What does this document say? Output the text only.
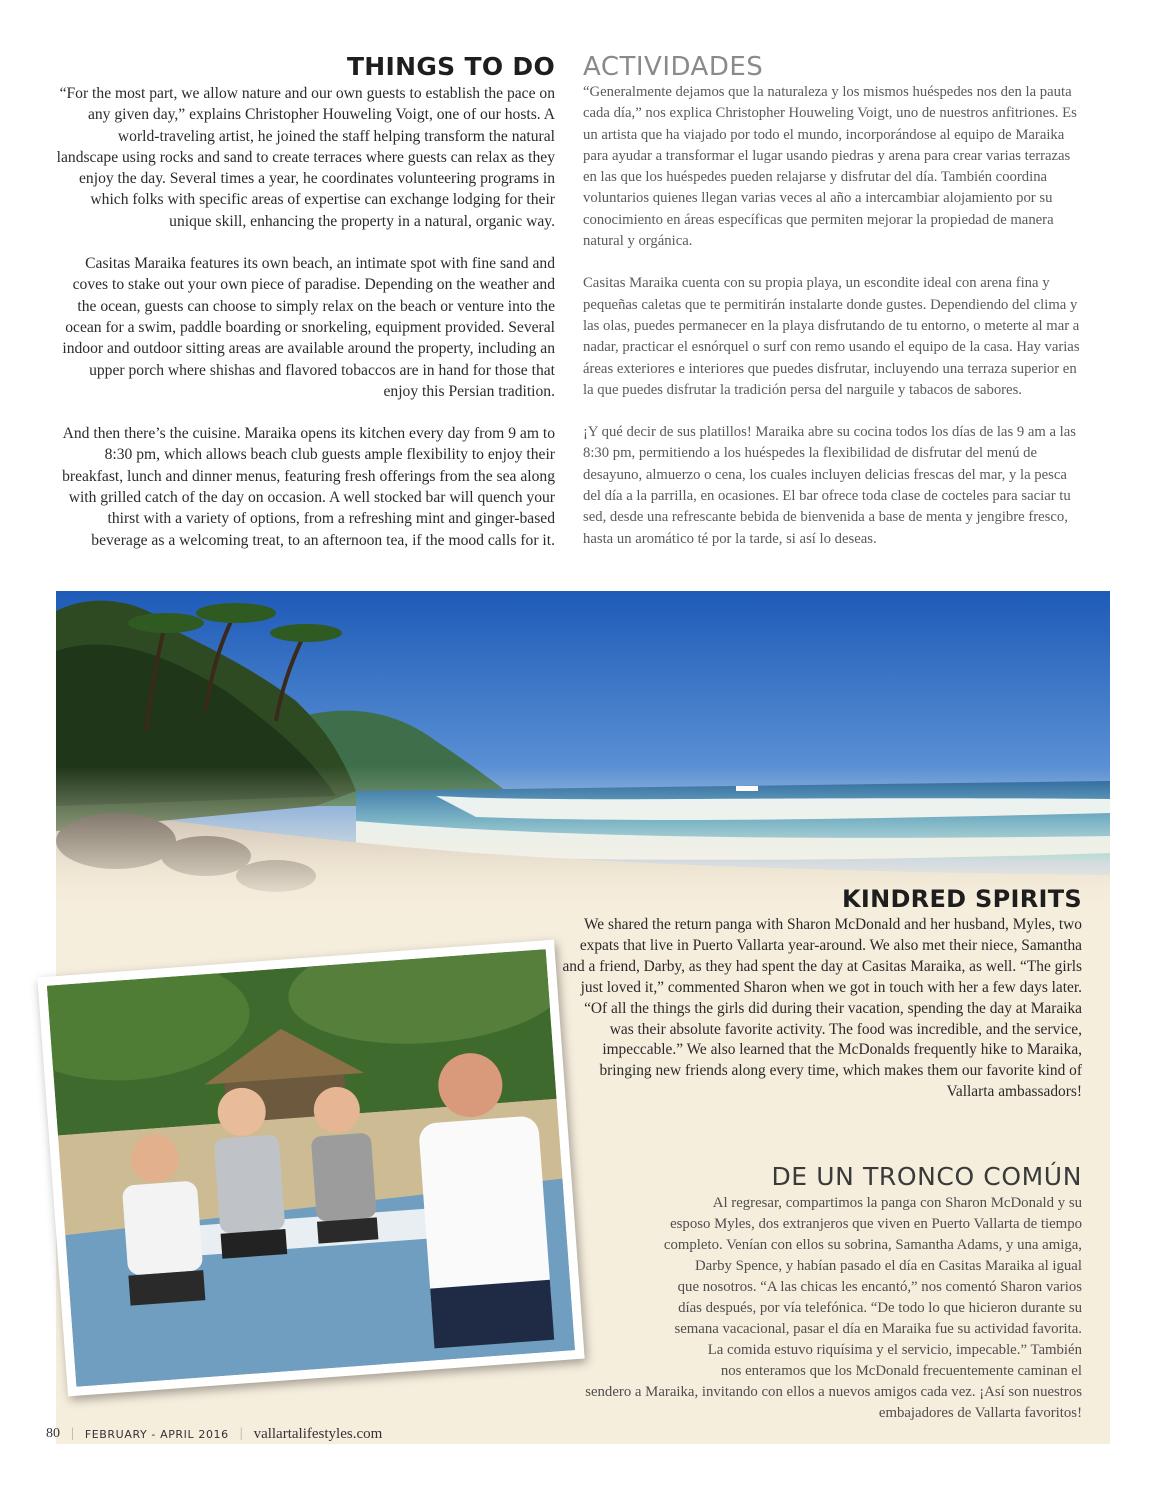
THINGS TO DO

“For the most part, we allow nature and our own guests to establish the pace on any given day,” explains Christopher Houweling Voigt, one of our hosts. A world-traveling artist, he joined the staff helping transform the natural landscape using rocks and sand to create terraces where guests can relax as they enjoy the day. Several times a year, he coordinates volunteering programs in which folks with specific areas of expertise can exchange lodging for their unique skill, enhancing the property in a natural, organic way.

Casitas Maraika features its own beach, an intimate spot with fine sand and coves to stake out your own piece of paradise. Depending on the weather and the ocean, guests can choose to simply relax on the beach or venture into the ocean for a swim, paddle boarding or snorkeling, equipment provided. Several indoor and outdoor sitting areas are available around the property, including an upper porch where shishas and flavored tobaccos are in hand for those that enjoy this Persian tradition.

And then there’s the cuisine. Maraika opens its kitchen every day from 9 am to 8:30 pm, which allows beach club guests ample flexibility to enjoy their breakfast, lunch and dinner menus, featuring fresh offerings from the sea along with grilled catch of the day on occasion. A well stocked bar will quench your thirst with a variety of options, from a refreshing mint and ginger-based beverage as a welcoming treat, to an afternoon tea, if the mood calls for it.

ACTIVIDADES

“Generalmente dejamos que la naturaleza y los mismos huéspedes nos den la pauta cada día,” nos explica Christopher Houweling Voigt, uno de nuestros anfitriones. Es un artista que ha viajado por todo el mundo, incorporándose al equipo de Maraika para ayudar a transformar el lugar usando piedras y arena para crear varias terrazas en las que los huéspedes pueden relajarse y disfrutar del día. También coordina voluntarios quienes llegan varias veces al año a intercambiar alojamiento por su conocimiento en áreas específicas que permiten mejorar la propiedad de manera natural y orgánica.

Casitas Maraika cuenta con su propia playa, un escondite ideal con arena fina y pequeñas caletas que te permitirán instalarte donde gustes. Dependiendo del clima y las olas, puedes permanecer en la playa disfrutando de tu entorno, o meterte al mar a nadar, practicar el esnórquel o surf con remo usando el equipo de la casa. Hay varias áreas exteriores e interiores que puedes disfrutar, incluyendo una terraza superior en la que puedes disfrutar la tradición persa del narguile y tabacos de sabores.

¡Y qué decir de sus platillos! Maraika abre su cocina todos los días de las 9 am a las 8:30 pm, permitiendo a los huéspedes la flexibilidad de disfrutar del menú de desayuno, almuerzo o cena, los cuales incluyen delicias frescas del mar, y la pesca del día a la parrilla, en ocasiones. El bar ofrece toda clase de cocteles para saciar tu sed, desde una refrescante bebida de bienvenida a base de menta y jengibre fresco, hasta un aromático té por la tarde, si así lo deseas.

KINDRED SPIRITS

We shared the return panga with Sharon McDonald and her husband, Myles, two expats that live in Puerto Vallarta year-around. We also met their niece, Samantha and a friend, Darby, as they had spent the day at Casitas Maraika, as well. “The girls just loved it,” commented Sharon when we got in touch with her a few days later. “Of all the things the girls did during their vacation, spending the day at Maraika was their absolute favorite activity. The food was incredible, and the service, impeccable.” We also learned that the McDonalds frequently hike to Maraika, bringing new friends along every time, which makes them our favorite kind of Vallarta ambassadors!

DE UN TRONCO COMÚN

Al regresar, compartimos la panga con Sharon McDonald y su
esposo Myles, dos extranjeros que viven en Puerto Vallarta de tiempo
completo. Venían con ellos su sobrina, Samantha Adams, y una amiga,
Darby Spence, y habían pasado el día en Casitas Maraika al igual
que nosotros. “A las chicas les encantó,” nos comentó Sharon varios
días después, por vía telefónica. “De todo lo que hicieron durante su
semana vacacional, pasar el día en Maraika fue su actividad favorita.
La comida estuvo riquísima y el servicio, impecable.” También
nos enteramos que los McDonald frecuentemente caminan el
sendero a Maraika, invitando con ellos a nuevos amigos cada vez. ¡Así son nuestros
embajadores de Vallarta favoritos!

80 | FEBRUARY - APRIL 2016 | vallartalifestyles.com
